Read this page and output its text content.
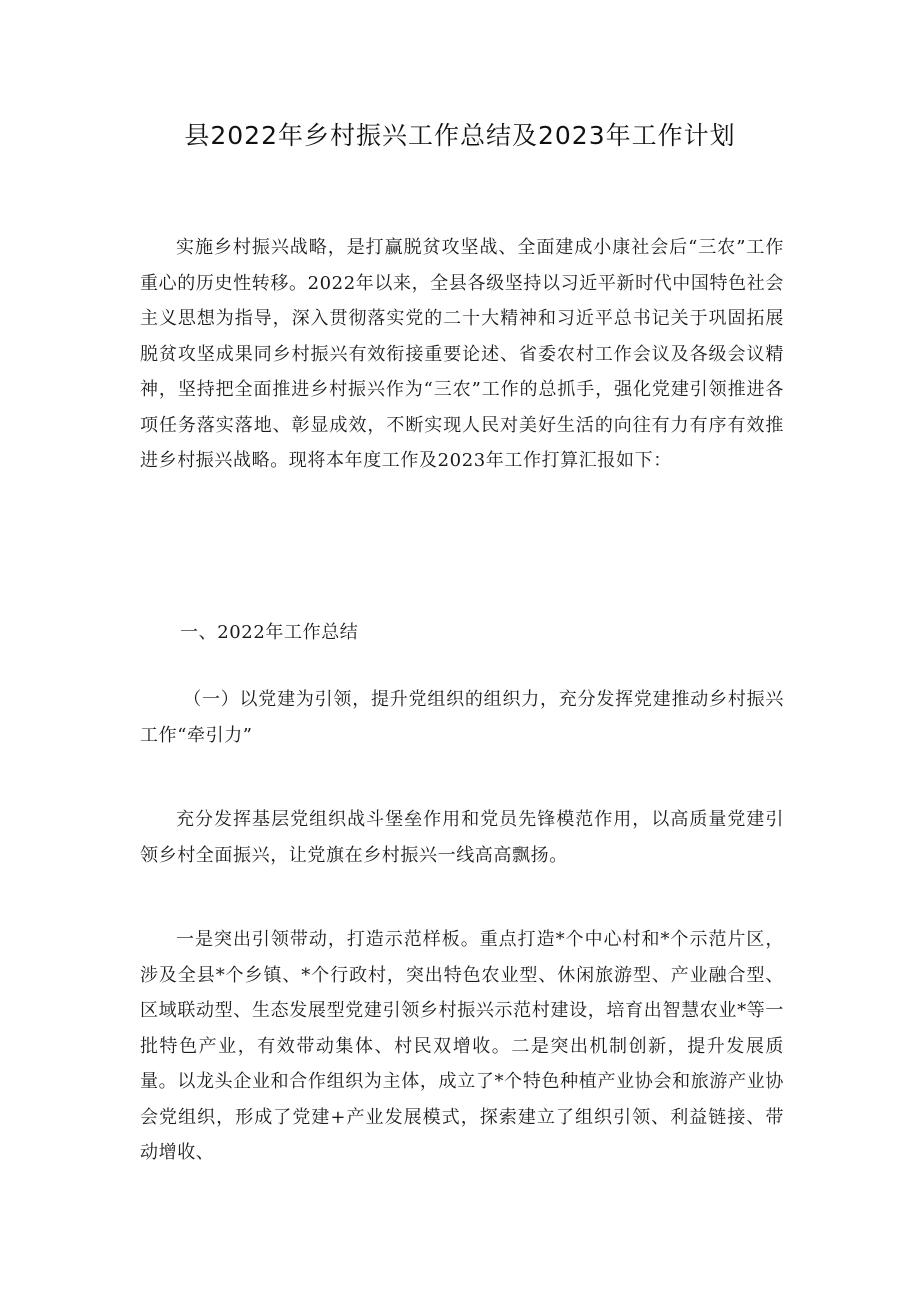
县2022年乡村振兴工作总结及2023年工作计划

实施乡村振兴战略，是打赢脱贫攻坚战、全面建成小康社会后“三农”工作重心的历史性转移。2022年以来，全县各级坚持以习近平新时代中国特色社会主义思想为指导，深入贯彻落实党的二十大精神和习近平总书记关于巩固拓展脱贫攻坚成果同乡村振兴有效衔接重要论述、省委农村工作会议及各级会议精神，坚持把全面推进乡村振兴作为“三农”工作的总抓手，强化党建引领推进各项任务落实落地、彰显成效，不断实现人民对美好生活的向往有力有序有效推进乡村振兴战略。现将本年度工作及2023年工作打算汇报如下：

一、2022年工作总结

（一）以党建为引领，提升党组织的组织力，充分发挥党建推动乡村振兴工作“牵引力”

充分发挥基层党组织战斗堡垒作用和党员先锋模范作用，以高质量党建引领乡村全面振兴，让党旗在乡村振兴一线高高飘扬。

一是突出引领带动，打造示范样板。重点打造*个中心村和*个示范片区，涉及全县*个乡镇、*个行政村，突出特色农业型、休闲旅游型、产业融合型、区域联动型、生态发展型党建引领乡村振兴示范村建设，培育出智慧农业*等一批特色产业，有效带动集体、村民双增收。二是突出机制创新，提升发展质量。以龙头企业和合作组织为主体，成立了*个特色种植产业协会和旅游产业协会党组织，形成了党建+产业发展模式，探索建立了组织引领、利益链接、带动增收、
